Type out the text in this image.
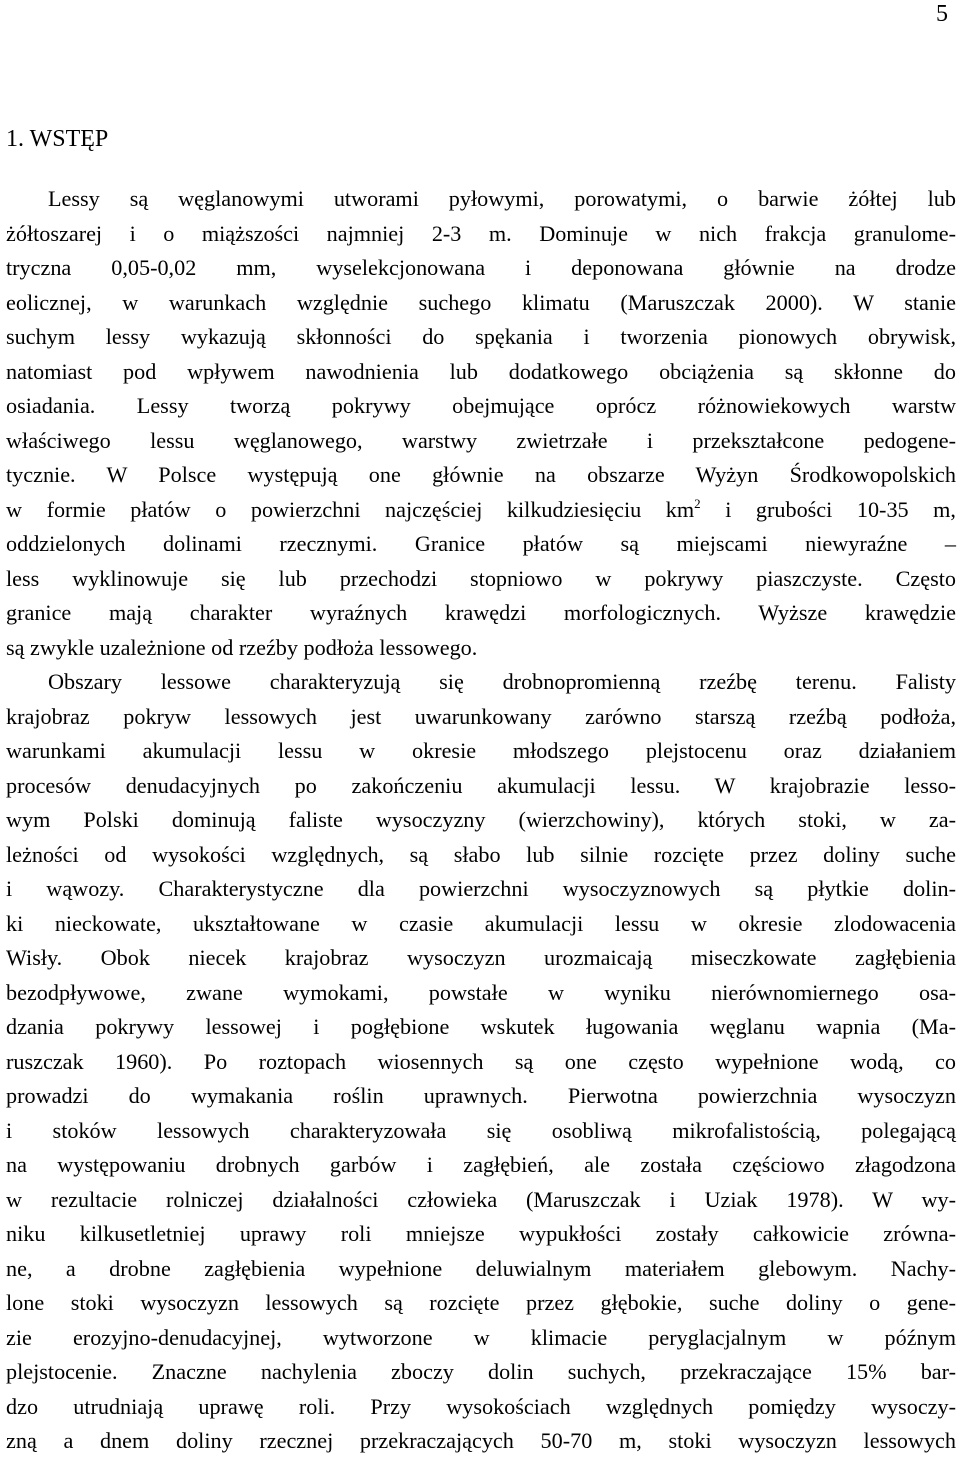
5
1. WSTĘP
Lessy są węglanowymi utworami pyłowymi, porowatymi, o barwie żółtej lub
żółtoszarej i o miąższości najmniej 2-3 m. Dominuje w nich frakcja granulome-
tryczna 0,05-0,02 mm, wyselekcjonowana i deponowana głównie na drodze
eolicznej, w warunkach względnie suchego klimatu (Maruszczak 2000). W stanie
suchym lessy wykazują skłonności do spękania i tworzenia pionowych obrywisk,
natomiast pod wpływem nawodnienia lub dodatkowego obciążenia są skłonne do
osiadania. Lessy tworzą pokrywy obejmujące oprócz różnowiekowych warstw
właściwego lessu węglanowego, warstwy zwietrzałe i przekształcone pedogene-
tycznie. W Polsce występują one głównie na obszarze Wyżyn Środkowopolskich
w formie płatów o powierzchni najczęściej kilkudziesięciu $km^2$ i grubości 10-35 m,
oddzielonych dolinami rzecznymi. Granice płatów są miejscami niewyraźne –
less wyklinowuje się lub przechodzi stopniowo w pokrywy piaszczyste. Często
granice mają charakter wyraźnych krawędzi morfologicznych. Wyższe krawędzie
są zwykle uzależnione od rzeźby podłoża lessowego.
Obszary lessowe charakteryzują się drobnopromienną rzeźbę terenu. Falisty
krajobraz pokryw lessowych jest uwarunkowany zarówno starszą rzeźbą podłoża,
warunkami akumulacji lessu w okresie młodszego plejstocenu oraz działaniem
procesów denudacyjnych po zakończeniu akumulacji lessu. W krajobrazie lesso-
wym Polski dominują faliste wysoczyzny (wierzchowiny), których stoki, w za-
leżności od wysokości względnych, są słabo lub silnie rozcięte przez doliny suche
i wąwozy. Charakterystyczne dla powierzchni wysoczyznowych są płytkie dolin-
ki nieckowate, ukształtowane w czasie akumulacji lessu w okresie zlodowacenia
Wisły. Obok niecek krajobraz wysoczyzn urozmaicają miseczkowate zagłębienia
bezodpływowe, zwane wymokami, powstałe w wyniku nierównomiernego osa-
dzania pokrywy lessowej i pogłębione wskutek ługowania węglanu wapnia (Ma-
ruszczak 1960). Po roztopach wiosennych są one często wypełnione wodą, co
prowadzi do wymakania roślin uprawnych. Pierwotna powierzchnia wysoczyzn
i stoków lessowych charakteryzowała się osobliwą mikrofalistością, polegającą
na występowaniu drobnych garbów i zagłębień, ale została częściowo złagodzona
w rezultacie rolniczej działalności człowieka (Maruszczak i Uziak 1978). W wy-
niku kilkusetletniej uprawy roli mniejsze wypukłości zostały całkowicie zrówna-
ne, a drobne zagłębienia wypełnione deluwialnym materiałem glebowym. Nachy-
lone stoki wysoczyzn lessowych są rozcięte przez głębokie, suche doliny o gene-
zie erozyjno-denudacyjnej, wytworzone w klimacie peryglacjalnym w późnym
plejstocenie. Znaczne nachylenia zboczy dolin suchych, przekraczające 15% bar-
dzo utrudniają uprawę roli. Przy wysokościach względnych pomiędzy wysoczy-
zną a dnem doliny rzecznej przekraczających 50-70 m, stoki wysoczyzn lessowych
